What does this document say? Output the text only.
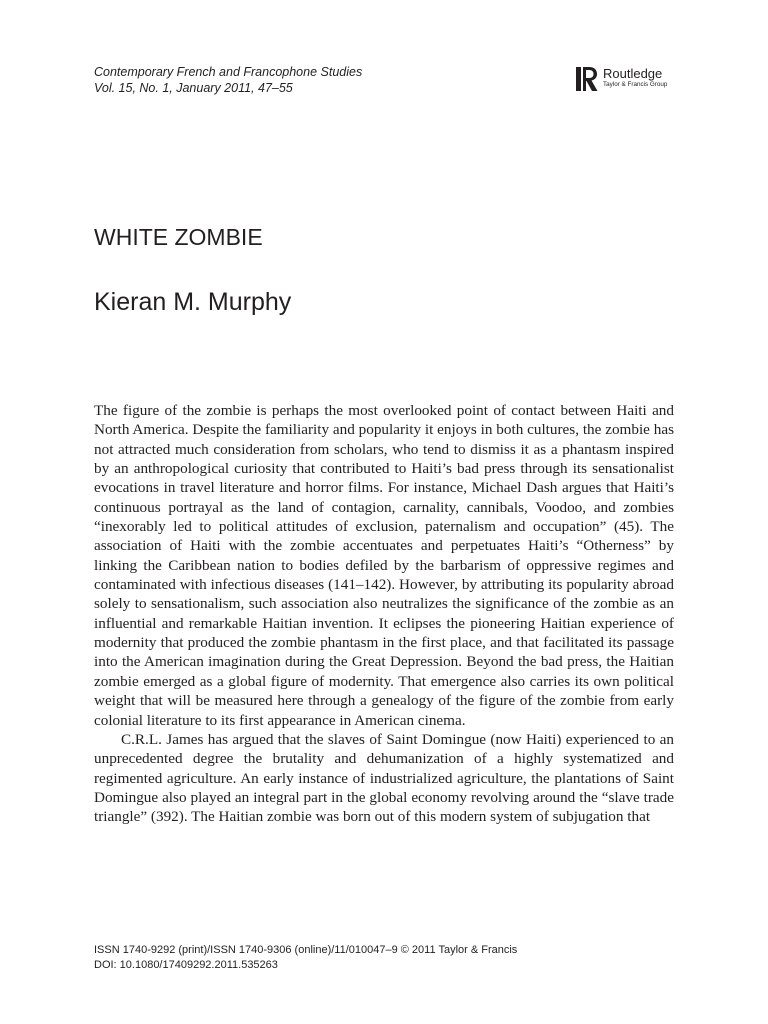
Contemporary French and Francophone Studies
Vol. 15, No. 1, January 2011, 47–55
Routledge
Taylor & Francis Group
WHITE ZOMBIE
Kieran M. Murphy

The figure of the zombie is perhaps the most overlooked point of contact between Haiti and North America. Despite the familiarity and popularity it enjoys in both cultures, the zombie has not attracted much consideration from scholars, who tend to dismiss it as a phantasm inspired by an anthropological curiosity that contributed to Haiti’s bad press through its sensationalist evocations in travel literature and horror films. For instance, Michael Dash argues that Haiti’s continuous portrayal as the land of contagion, carnality, cannibals, Voodoo, and zombies “inexorably led to political attitudes of exclusion, paternalism and occupation” (45). The association of Haiti with the zombie accentuates and perpetuates Haiti’s “Otherness” by linking the Caribbean nation to bodies defiled by the barbarism of oppressive regimes and contaminated with infectious diseases (141–142). However, by attributing its popularity abroad solely to sensationalism, such association also neutralizes the significance of the zombie as an influential and remarkable Haitian invention. It eclipses the pioneering Haitian experience of modernity that produced the zombie phantasm in the first place, and that facilitated its passage into the American imagination during the Great Depression. Beyond the bad press, the Haitian zombie emerged as a global figure of modernity. That emergence also carries its own political weight that will be measured here through a genealogy of the figure of the zombie from early colonial literature to its first appearance in American cinema.

C.R.L. James has argued that the slaves of Saint Domingue (now Haiti) experienced to an unprecedented degree the brutality and dehumanization of a highly systematized and regimented agriculture. An early instance of industrialized agriculture, the plantations of Saint Domingue also played an integral part in the global economy revolving around the “slave trade triangle” (392). The Haitian zombie was born out of this modern system of subjugation that

ISSN 1740-9292 (print)/ISSN 1740-9306 (online)/11/010047–9 © 2011 Taylor & Francis
DOI: 10.1080/17409292.2011.535263
